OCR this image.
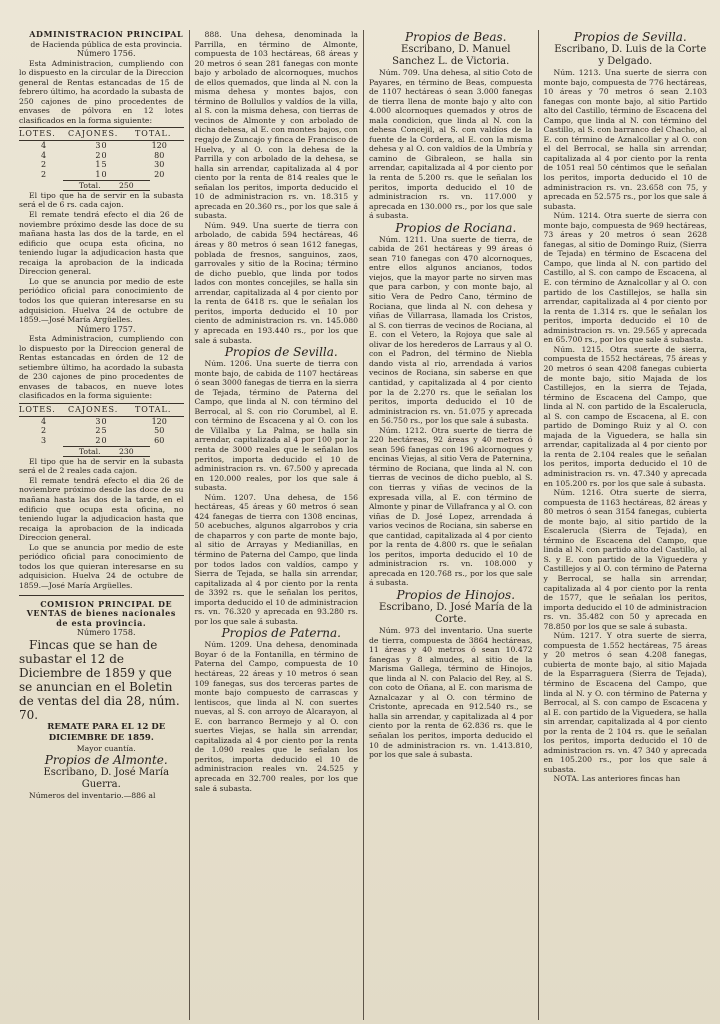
ADMINISTRACION PRINCIPAL

de Hacienda pública de esta provincia.

Número 1756.

Esta Administracion, cumpliendo con lo dispuesto en la circular de la Direccion general de Rentas estancadas de 15 de febrero último, ha acordado la subasta de 250 cajones de pino procedentes de envases de pólvora en 12 lotes clasificados en la forma siguiente:

LOTES.	CAJONES.	TOTAL.
4	30	120
4	20	80
2	15	30
2	10	20

Total. 250

El tipo que ha de servir en la subasta será el de 6 rs. cada cajon.

El remate tendrá efecto el dia 26 de noviembre próximo desde las doce de su mañana hasta las dos de la tarde, en el edificio que ocupa esta oficina, no teniendo lugar la adjudicacion hasta que recaiga la aprobacion de la indicada Direccion general.

Lo que se anuncia por medio de este periódico oficial para conocimiento de todos los que quieran interesarse en su adquisicion. Huelva 24 de octubre de 1859.—José María Argüelles.

Número 1757.

Esta Administracion, cumpliendo con lo dispuesto por la Direccion general de Rentas estancadas en órden de 12 de setiembre último, ha acordado la subasta de 230 cajones de pino procedentes de envases de tabacos, en nueve lotes clasificados en la forma siguiente:

LOTES.	CAJONES.	TOTAL.
4	30	120
2	25	50
3	20	60

Total. 230

El tipo que ha de servir en la subasta será el de 2 reales cada cajon.

El remate tendrá efecto el dia 26 de noviembre próximo desde las doce de su mañana hasta las dos de la tarde, en el edificio que ocupa esta oficina, no teniendo lugar la adjudicacion hasta que recaiga la aprobacion de la indicada Direccion general.

Lo que se anuncia por medio de este periódico oficial para conocimiento de todos los que quieran interesarse en su adquisicion. Huelva 24 de octubre de 1859.—José María Argüelles.

COMISION PRINCIPAL DE VENTAS de bienes nacionales de esta provincia.

Número 1758.

Fincas que se han de subastar el 12 de Diciembre de 1859 y que se anuncian en el Boletin de ventas del dia 28, núm. 70.

REMATE PARA EL 12 DE DICIEMBRE DE 1859.

Mayor cuantía.

Propios de Almonte.

Escribano, D. José María Guerra.

Números del inventario.—886 al

888. Una dehesa, denominada la Parrilla, en término de Almonte, compuesta de 103 hectáreas, 68 áreas y 20 metros ó sean 281 fanegas con monte bajo y arbolado de alcornoques, muchos de ellos quemados, que linda al N. con la misma dehesa y montes bajos, con término de Bollullos y valdíos de la villa, al S. con la misma dehesa, con tierras de vecinos de Almonte y con arbolado de dicha dehesa, al E. con montes bajos, con regajo de Zuncajo y finca de Francisco de Huelva, y al O. con la dehesa de la Parrilla y con arbolado de la dehesa, se halla sin arrendar, capitalizada al 4 por ciento por la renta de 814 reales que le señalan los peritos, importa deducido el 10 de administracion rs. vn. 18.315 y aprecada en 20.360 rs., por los que sale á subasta.

Núm. 949. Una suerte de tierra con arbolado, de cabida 594 hectáreas, 46 áreas y 80 metros ó sean 1612 fanegas, poblada de fresnos, sanguinos, zaos, garrovales y sitio de la Rocina; término de dicho pueblo, que linda por todos lados con montes concejiles, se halla sin arrendar, capitalizada al 4 por ciento por la renta de 6418 rs. que le señalan los peritos, importa deducido el 10 por ciento de administracion rs. vn. 145.080 y aprecada en 193.440 rs., por los que sale á subasta.

Propios de Sevilla.

Núm. 1206. Una suerte de tierra con monte bajo, de cabida de 1107 hectáreas ó sean 3000 fanegas de tierra en la sierra de Tejada, término de Paterna del Campo, que linda al N. con término del Berrocal, al S. con rio Corumbel, al E. con término de Escacena y al O. con los de Villalba y La Palma, se halla sin arrendar, capitalizada al 4 por 100 por la renta de 3000 reales que le señalan los peritos, importa deducido el 10 de administracion rs. vn. 67.500 y aprecada en 120.000 reales, por los que sale á subasta.

Núm. 1207. Una dehesa, de 156 hectáreas, 45 áreas y 60 metros ó sean 424 fanegas de tierra con 1308 encinas, 50 acebuches, algunos algarrobos y cria de chaparros y con parte de monte bajo, al sitio de Arrayas y Medianillas, en término de Paterna del Campo, que linda por todos lados con valdíos, campo y Sierra de Tejada, se halla sin arrendar, capitalizada al 4 por ciento por la renta de 3392 rs. que le señalan los peritos, importa deducido el 10 de administracion rs. vn. 76.320 y aprecada en 93.280 rs. por los que sale á subasta.

Propios de Paterna.

Núm. 1209. Una dehesa, denominada Boyar ó de la Fontanilla, en término de Paterna del Campo, compuesta de 10 hectáreas, 22 áreas y 10 metros ó sean 109 fanegas, sus dos terceras partes de monte bajo compuesto de carrascas y lentiscos, que linda al N. con suertes nuevas, al S. con arroyo de Alcarayon, al E. con barranco Bermejo y al O. con suertes Viejas, se halla sin arrendar, capitalizada al 4 por ciento por la renta de 1.090 reales que le señalan los peritos, importa deducido el 10 de administracion reales vn. 24.525 y aprecada en 32.700 reales, por los que sale á subasta.

Propios de Beas.

Escribano, D. Manuel Sanchez L. de Victoria.

Núm. 709. Una dehesa, al sitio Coto de Payares, en término de Beas, compuesta de 1107 hectáreas ó sean 3.000 fanegas de tierra llena de monte bajo y alto con 4.000 alcornoques quemados y otros de mala condicion, que linda al N. con la dehesa Concejil, al S. con valdíos de la fuente de la Cordera, al E. con la misma dehesa y al O. con valdíos de la Umbría y camino de Gibraleon, se halla sin arrendar, capitalizada al 4 por ciento por la renta de 5.200 rs. que le señalan los peritos, importa deducido el 10 de administracion rs. vn. 117.000 y aprecada en 130.000 rs., por los que sale á subasta.

Propios de Rociana.

Núm. 1211. Una suerte de tierra, de cabida de 261 hectáreas y 99 áreas ó sean 710 fanegas con 470 alcornoques, entre ellos algunos ancianos, todos viejos, que la mayor parte no sirven mas que para carbon, y con monte bajo, al sitio Vera de Pedro Cano, término de Rociana, que linda al N. con dehesa y viñas de Villarrasa, llamada los Cristos, al S. con tierras de vecinos de Rociana, al E. con el Vetero, la Rojoya que sale al olivar de los herederos de Larraus y al O. con el Padron, del término de Niebla dando vista al rio, arrendada á varios vecinos de Rociana, sin saberse en que cantidad, y capitalizada al 4 por ciento por la de 2.270 rs. que le señalan los peritos, importa deducido el 10 de administracion rs. vn. 51.075 y aprecada en 56.750 rs., por los que sale á subasta.

Núm. 1212. Otra suerte de tierra de 220 hectáreas, 92 áreas y 40 metros ó sean 596 fanegas con 196 alcornoques y encinas Viejas, al sitio Vera de Paternina, término de Rociana, que linda al N. con tierras de vecinos de dicho pueblo, al S. con tierras y viñas de vecinos de la expresada villa, al E. con término de Almonte y pinar de Villafranca y al O. con viñas de D. José Lopez, arrendada á varios vecinos de Rociana, sin saberse en que cantidad, capitalizada al 4 por ciento por la renta de 4.800 rs. que le señalan los peritos, importa deducido el 10 de administracion rs. vn. 108.000 y aprecada en 120.768 rs., por los que sale á subasta.

Propios de Hinojos.

Escribano, D. José María de la Corte.

Núm. 973 del inventario. Una suerte de tierra, compuesta de 3864 hectáreas, 11 áreas y 40 metros ó sean 10.472 fanegas y 8 almudes, al sitio de la Marisma Gallega, término de Hinojos, que linda al N. con Palacio del Rey, al S. con coto de Oñana, al E. con marisma de Aznalcazar y al O. con término de Cristonte, aprecada en 912.540 rs., se halla sin arrendar, y capitalizada al 4 por ciento por la renta de 62.836 rs. que le señalan los peritos, importa deducido el 10 de administracion rs. vn. 1.413.810, por los que sale á subasta.

Propios de Sevilla.

Escribano, D. Luis de la Corte y Delgado.

Núm. 1213. Una suerte de sierra con monte bajo, compuesta de 776 hectáreas, 10 áreas y 70 metros ó sean 2.103 fanegas con monte bajo, al sitio Partido alto del Castillo, término de Escacena del Campo, que linda al N. con término del Castillo, al S. con barranco del Chacho, al E. con término de Aznalcollar y al O. con el del Berrocal, se halla sin arrendar, capitalizada al 4 por ciento por la renta de 1051 real 50 céntimos que le señalan los peritos, importa deducido el 10 de administracion rs. vn. 23.658 con 75, y aprecada en 52.575 rs., por los que sale á subasta.

Núm. 1214. Otra suerte de sierra con monte bajo, compuesta de 969 hectáreas, 73 áreas y 20 metros ó sean 2628 fanegas, al sitio de Domingo Ruiz, (Sierra de Tejada) en término de Escacena del Campo, que linda al N. con partido del Castillo, al S. con campo de Escacena, al E. con término de Aznalcollar y al O. con partido de los Castillejos, se halla sin arrendar, capitalizada al 4 por ciento por la renta de 1.314 rs. que le señalan los peritos, importa deducido el 10 de administracion rs. vn. 29.565 y aprecada en 65.700 rs., por los que sale á subasta.

Núm. 1215. Otra suerte de sierra, compuesta de 1552 hectáreas, 75 áreas y 20 metros ó sean 4208 fanegas cubierta de monte bajo, sitio Majada de los Castillejos, en la sierra de Tejada, término de Escacena del Campo, que linda al N. con partido de la Escalerucla, al S. con campo de Escacena, al E. con partido de Domingo Ruiz y al O. con majada de la Viguedera, se halla sin arrendar, capitalizada al 4 por ciento por la renta de 2.104 reales que le señalan los peritos, importa deducido el 10 de administracion rs. vn. 47.340 y aprecada en 105.200 rs. por los que sale á subasta.

Núm. 1216. Otra suerte de sierra, compuesta de 1163 hectáreas, 82 áreas y 80 metros ó sean 3154 fanegas, cubierta de monte bajo, al sitio partido de la Escalerucla (Sierra de Tejada), en término de Escacena del Campo, que linda al N. con partido alto del Castillo, al S. y E. con partido de la Viguedera y Castillejos y al O. con término de Paterna y Berrocal, se halla sin arrendar, capitalizada al 4 por ciento por la renta de 1577, que le señalan los peritos, importa deducido el 10 de administracion rs. vn. 35.482 con 50 y aprecada en 78.850 por los que se sale á subasta.

Núm. 1217. Y otra suerte de sierra, compuesta de 1.552 hectáreas, 75 áreas y 20 metros ó sean 4.208 fanegas, cubierta de monte bajo, al sitio Majada de la Esparraguera (Sierra de Tejada), término de Escacena del Campo, que linda al N. y O. con término de Paterna y Berrocal, al S. con campo de Escacena y al E. con partido de la Viguedera, se halla sin arrendar, capitalizada al 4 por ciento por la renta de 2 104 rs. que le señalan los peritos, importa deducido el 10 de administracion rs. vn. 47 340 y aprecada en 105.200 rs., por los que sale á subasta.

NOTA. Las anteriores fincas han
